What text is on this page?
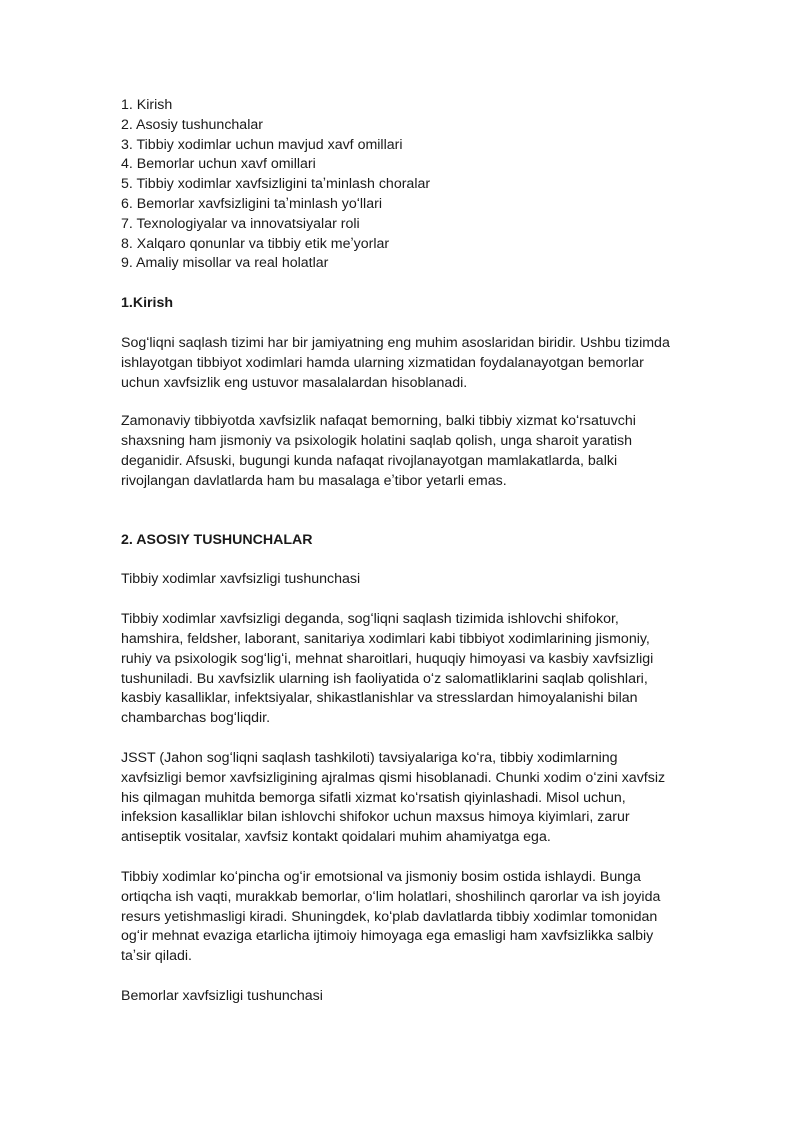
1. Kirish
2. Asosiy tushunchalar
3. Tibbiy xodimlar uchun mavjud xavf omillari
4. Bemorlar uchun xavf omillari
5. Tibbiy xodimlar xavfsizligini taʼminlash choralar
6. Bemorlar xavfsizligini taʼminlash yoʻllari
7. Texnologiyalar va innovatsiyalar roli
8. Xalqaro qonunlar va tibbiy etik meʼyorlar
9. Amaliy misollar va real holatlar

1.Kirish

Sogʻliqni saqlash tizimi har bir jamiyatning eng muhim asoslaridan biridir. Ushbu tizimda ishlayotgan tibbiyot xodimlari hamda ularning xizmatidan foydalanayotgan bemorlar uchun xavfsizlik eng ustuvor masalalardan hisoblanadi.

Zamonaviy tibbiyotda xavfsizlik nafaqat bemorning, balki tibbiy xizmat koʻrsatuvchi shaxsning ham jismoniy va psixologik holatini saqlab qolish, unga sharoit yaratish deganidir. Afsuski, bugungi kunda nafaqat rivojlanayotgan mamlakatlarda, balki rivojlangan davlatlarda ham bu masalaga eʼtibor yetarli emas.

2. ASOSIY TUSHUNCHALAR

Tibbiy xodimlar xavfsizligi tushunchasi

Tibbiy xodimlar xavfsizligi deganda, sogʻliqni saqlash tizimida ishlovchi shifokor, hamshira, feldsher, laborant, sanitariya xodimlari kabi tibbiyot xodimlarining jismoniy, ruhiy va psixologik sogʻligʻi, mehnat sharoitlari, huquqiy himoyasi va kasbiy xavfsizligi tushuniladi. Bu xavfsizlik ularning ish faoliyatida oʻz salomatliklarini saqlab qolishlari, kasbiy kasalliklar, infektsiyalar, shikastlanishlar va stresslardan himoyalanishi bilan chambarchas bogʻliqdir.

JSST (Jahon sogʻliqni saqlash tashkiloti) tavsiyalariga koʻra, tibbiy xodimlarning xavfsizligi bemor xavfsizligining ajralmas qismi hisoblanadi. Chunki xodim oʻzini xavfsiz his qilmagan muhitda bemorga sifatli xizmat koʻrsatish qiyinlashadi. Misol uchun, infeksion kasalliklar bilan ishlovchi shifokor uchun maxsus himoya kiyimlari, zarur antiseptik vositalar, xavfsiz kontakt qoidalari muhim ahamiyatga ega.

Tibbiy xodimlar koʻpincha ogʻir emotsional va jismoniy bosim ostida ishlaydi. Bunga ortiqcha ish vaqti, murakkab bemorlar, oʻlim holatlari, shoshilinch qarorlar va ish joyida resurs yetishmasligi kiradi. Shuningdek, koʻplab davlatlarda tibbiy xodimlar tomonidan ogʻir mehnat evaziga etarlicha ijtimoiy himoyaga ega emasligi ham xavfsizlikka salbiy taʼsir qiladi.

Bemorlar xavfsizligi tushunchasi
